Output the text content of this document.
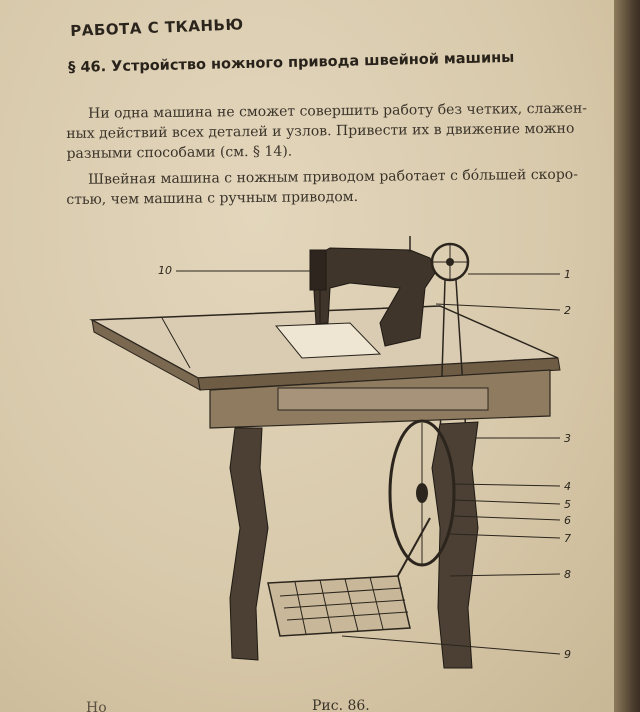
РАБОТА С ТКАНЬЮ
§ 46. Устройство ножного привода швейной машины
Ни одна машина не сможет совершить работу без четких, слажен-
ных действий всех деталей и узлов. Привести их в движение можно
разными способами (см. § 14).
Швейная машина с ножным приводом работает с бо́льшей скоро-
стью, чем машина с ручным приводом.
10	1
2
3
4
5
6
7
8
9
Но	Рис. 86.
